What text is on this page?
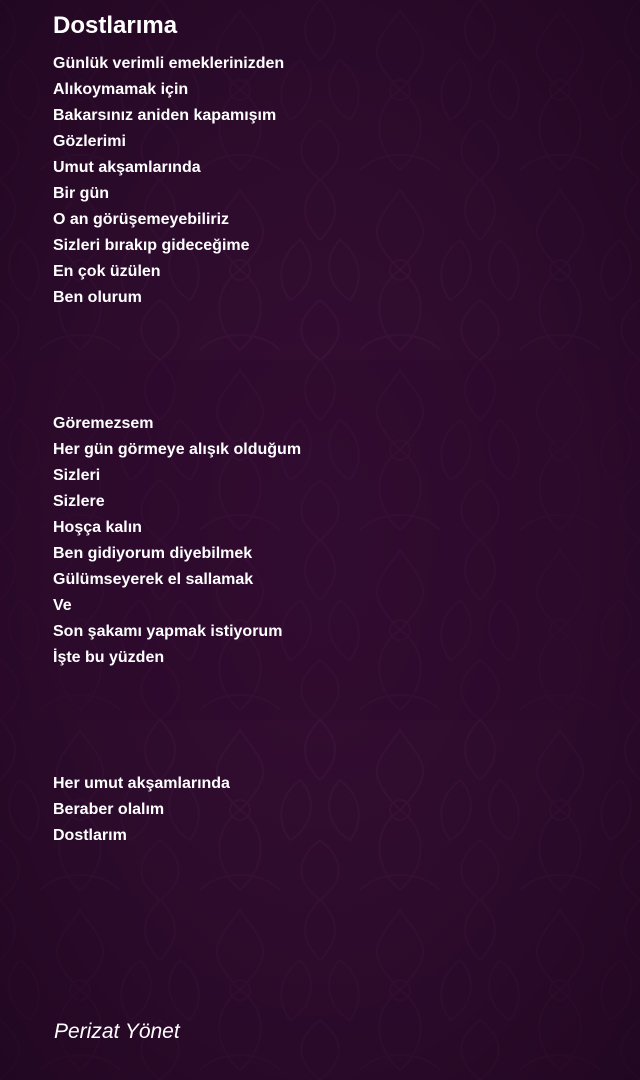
Dostlarıma
Günlük verimli emeklerinizden
Alıkoymamak için
Bakarsınız aniden kapamışım
Gözlerimi
Umut akşamlarında
Bir gün
O an görüşemeyebiliriz
Sizleri bırakıp gideceğime
En çok üzülen
Ben olurum
Göremezsem
Her gün görmeye alışık olduğum
Sizleri
Sizlere
Hoşça kalın
Ben gidiyorum diyebilmek
Gülümseyerek el sallamak
Ve
Son şakamı yapmak istiyorum
İşte bu yüzden
Her umut akşamlarında
Beraber olalım
Dostlarım

Perizat Yönet
